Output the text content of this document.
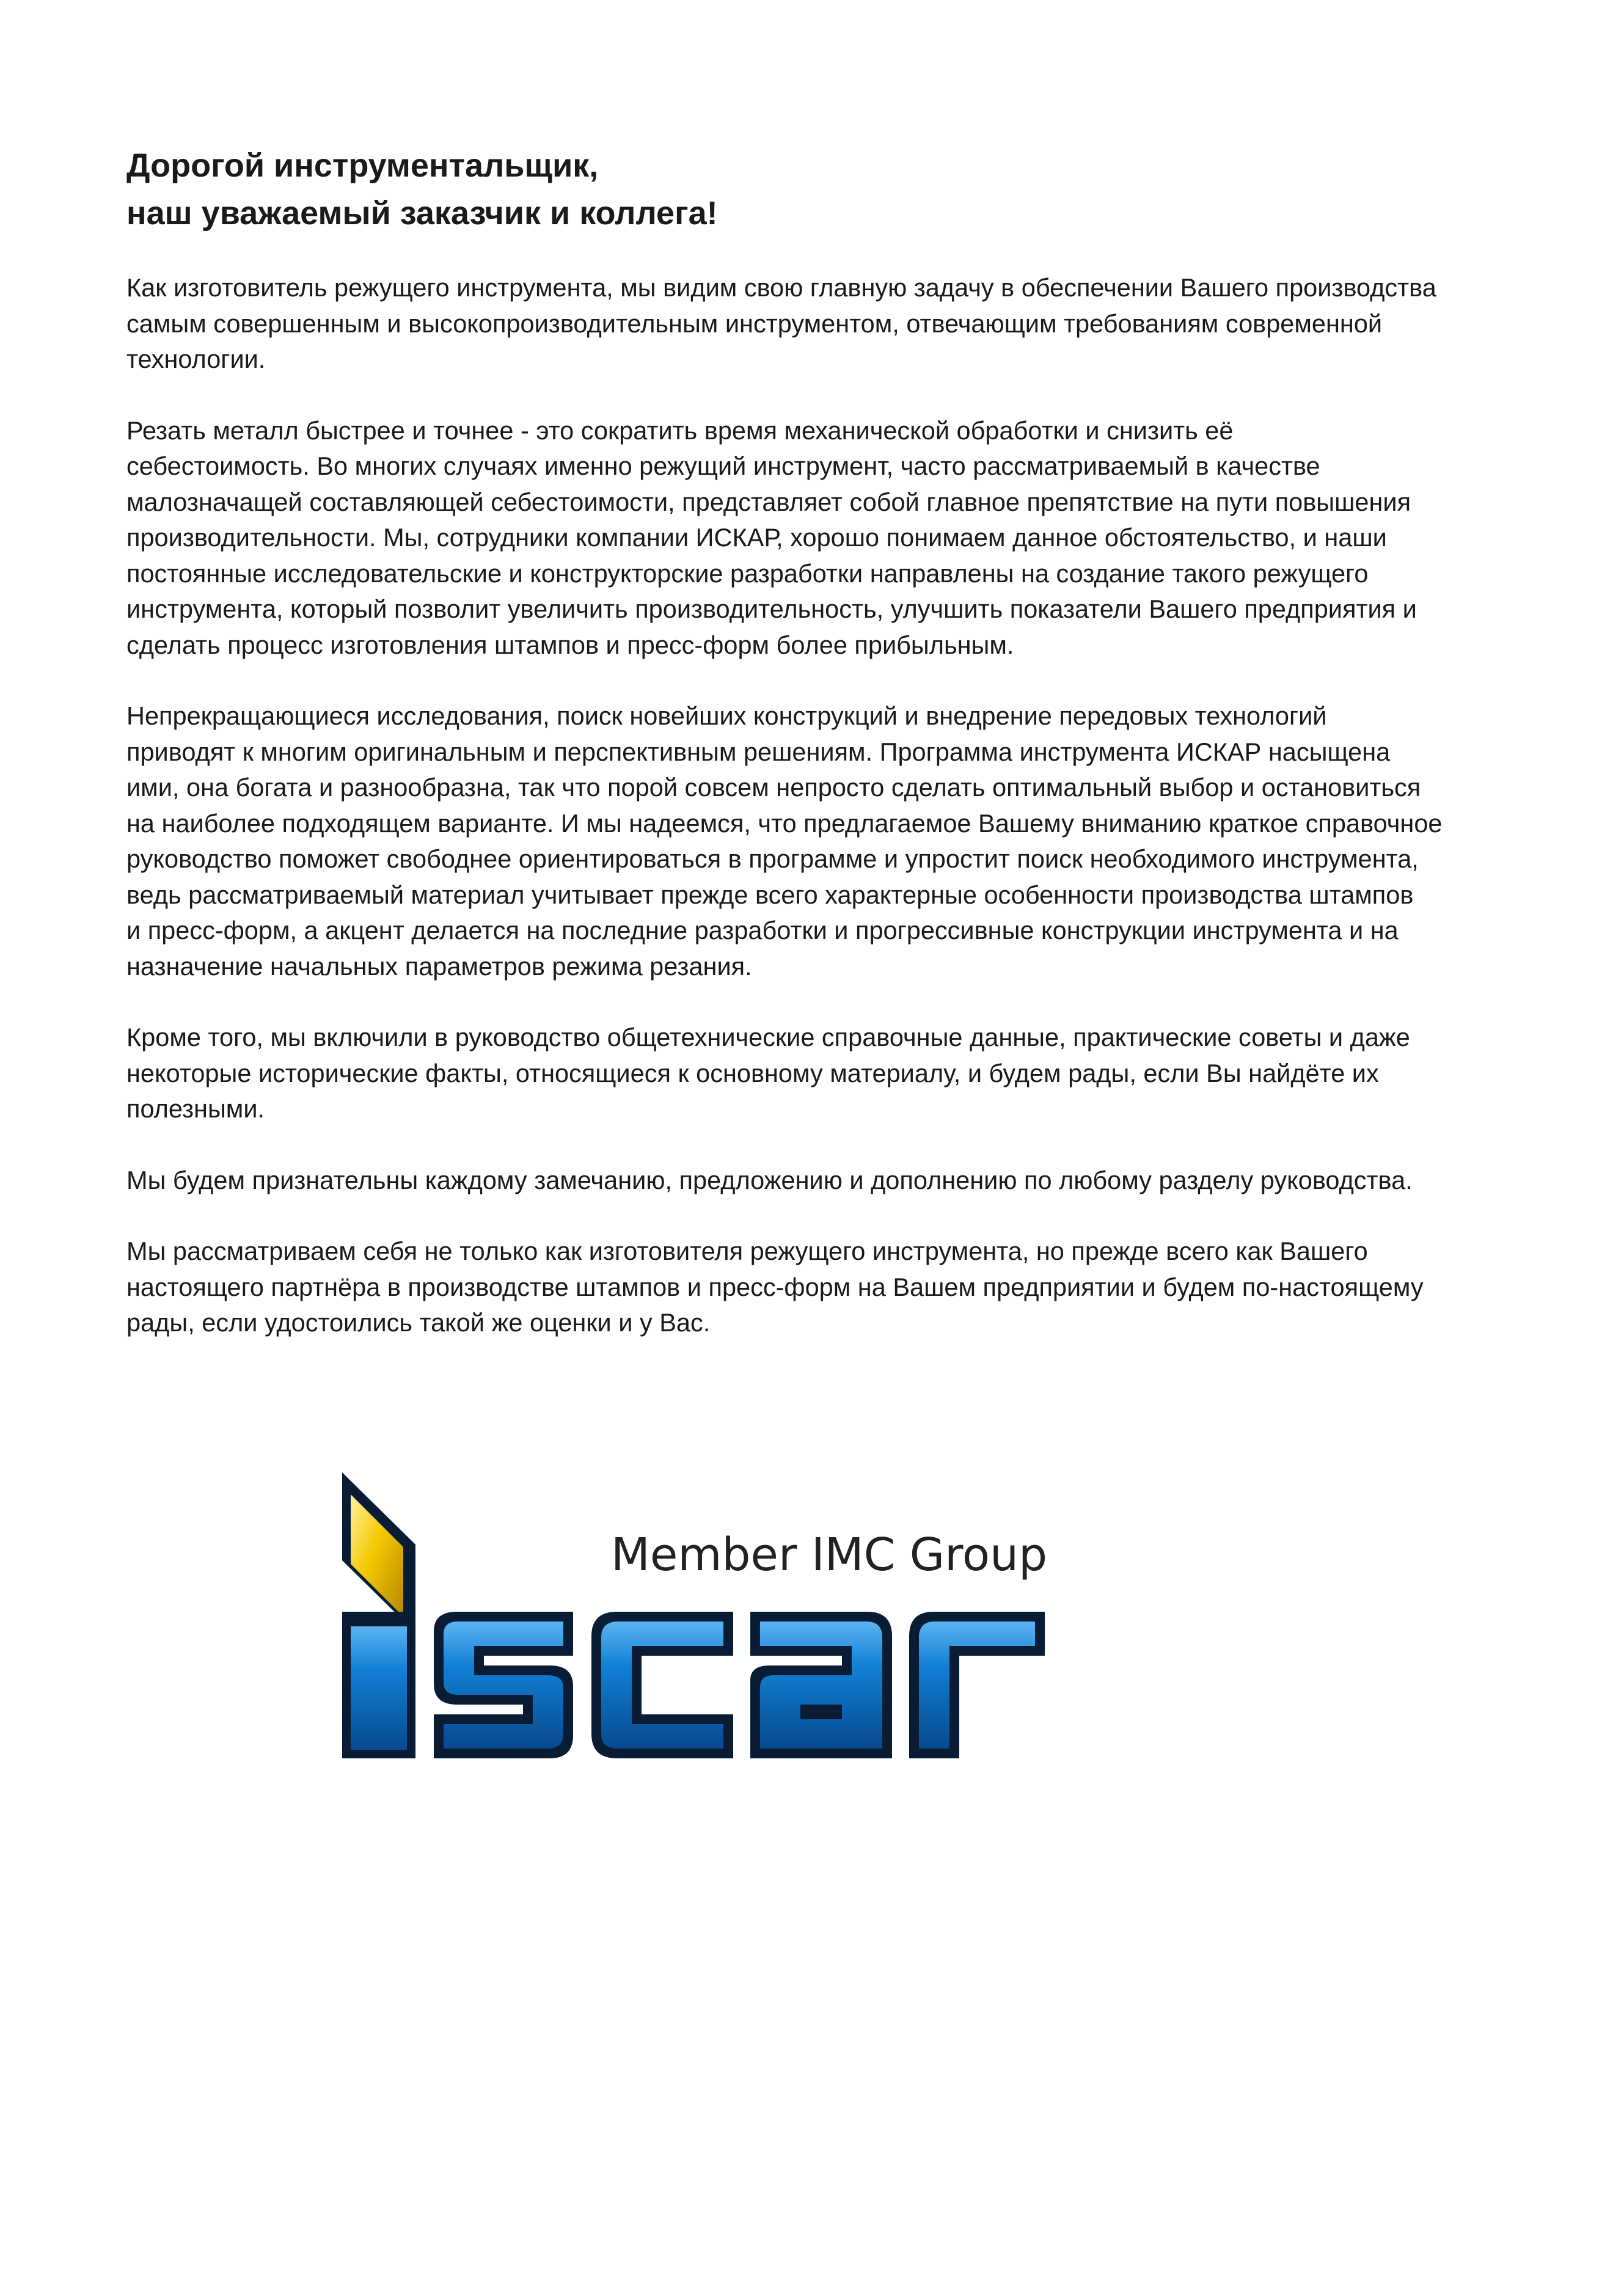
Дорогой инструментальщик,
наш уважаемый заказчик и коллега!

Как изготовитель режущего инструмента, мы видим свою главную задачу в обеспечении Вашего производства
самым совершенным и высокопроизводительным инструментом, отвечающим требованиям современной
технологии.

Резать металл быстрее и точнее - это сократить время механической обработки и снизить её
себестоимость. Во многих случаях именно режущий инструмент, часто рассматриваемый в качестве
малозначащей составляющей себестоимости, представляет собой главное препятствие на пути повышения
производительности. Мы, сотрудники компании ИСКАР, хорошо понимаем данное обстоятельство, и наши
постоянные исследовательские и конструкторские разработки направлены на создание такого режущего
инструмента, который позволит увеличить производительность, улучшить показатели Вашего предприятия и
сделать процесс изготовления штампов и пресс-форм более прибыльным.

Непрекращающиеся исследования, поиск новейших конструкций и внедрение передовых технологий
приводят к многим оригинальным и перспективным решениям. Программа инструмента ИСКАР насыщена
ими, она богата и разнообразна, так что порой совсем непросто сделать оптимальный выбор и остановиться
на наиболее подходящем варианте. И мы надеемся, что предлагаемое Вашему вниманию краткое справочное
руководство поможет свободнее ориентироваться в программе и упростит поиск необходимого инструмента,
ведь рассматриваемый материал учитывает прежде всего характерные особенности производства штампов
и пресс-форм, а акцент делается на последние разработки и прогрессивные конструкции инструмента и на
назначение начальных параметров режима резания.

Кроме того, мы включили в руководство общетехнические справочные данные, практические советы и даже
некоторые исторические факты, относящиеся к основному материалу, и будем рады, если Вы найдёте их
полезными.

Мы будем признательны каждому замечанию, предложению и дополнению по любому разделу руководства.

Мы рассматриваем себя не только как изготовителя режущего инструмента, но прежде всего как Вашего
настоящего партнёра в производстве штампов и пресс-форм на Вашем предприятии и будем по-настоящему
рады, если удостоились такой же оценки и у Вас.

Member IMC Group
